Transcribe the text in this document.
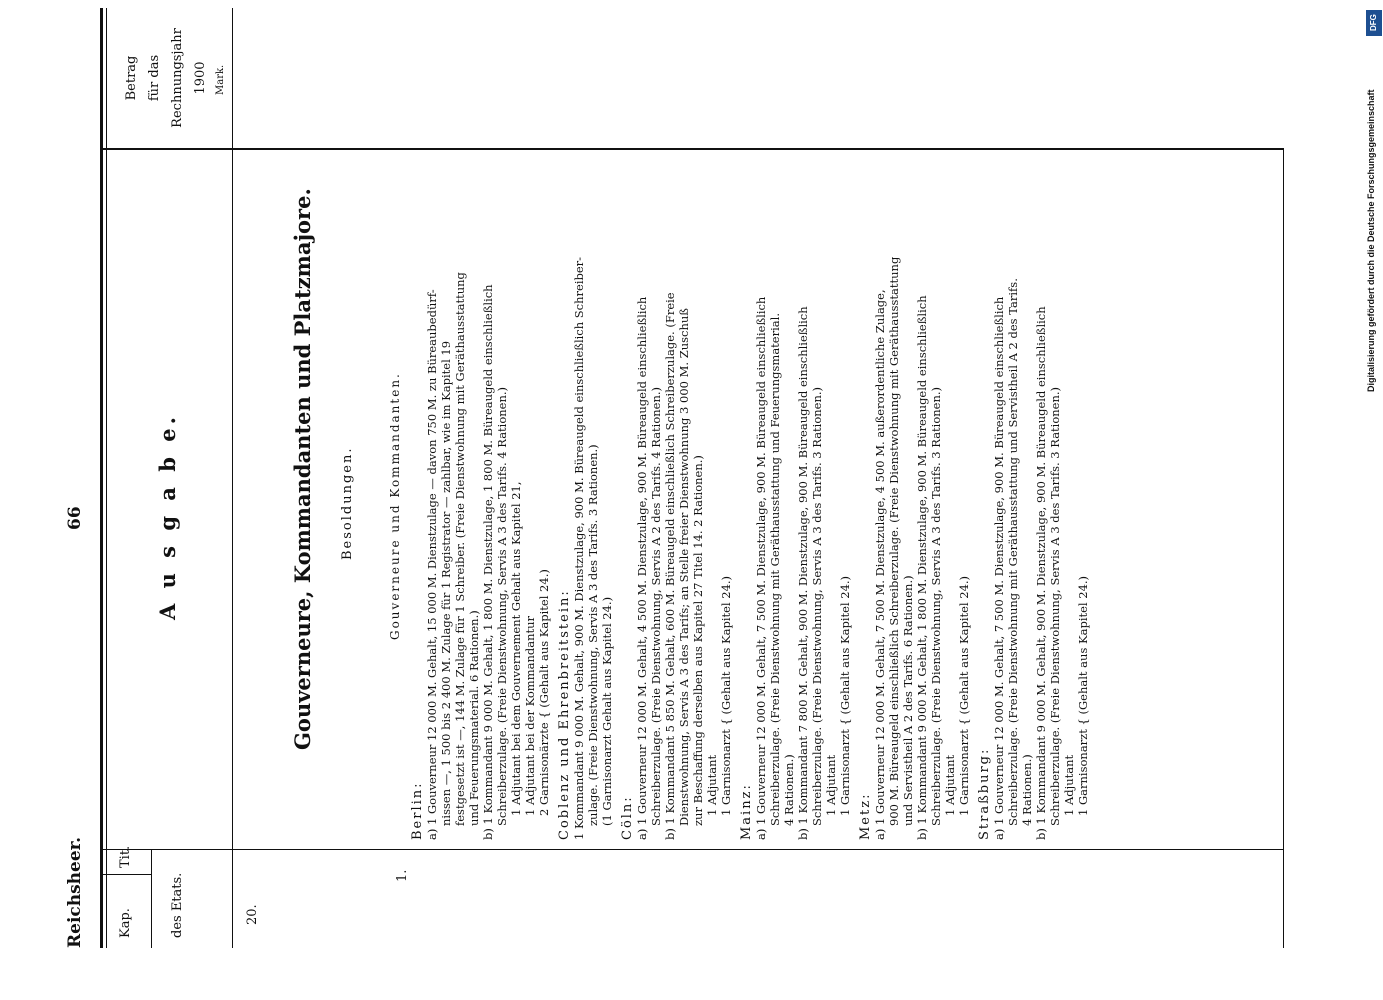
Reichsheer.
66
Kap.
Tit.
des Etats.
Betrag für das Rechnungsjahr 1900 Mark.
20.
1.
A u s g a b e.	Gouverneure, Kommandanten und Platzmajore. Besoldungen.	Gouverneure und Kommandanten.
Berlin: a) 1 Gouverneur 12 000 M. Gehalt, 15 000 M. Dienstzulage — davon 750 M. zu Büreaubedürf- nissen —, 1 500 bis 2 400 M. Zulage für 1 Registrator — zahlbar, wie im Kapitel 19 festgesetzt ist —, 144 M. Zulage für 1 Schreiber. (Freie Dienstwohnung mit Geräthausstattung und Feuerungsmaterial. 6 Rationen.) b) 1 Kommandant 9 000 M. Gehalt, 1 800 M. Dienstzulage, 1 800 M. Büreaugeld einschließlich Schreiberzulage. (Freie Dienstwohnung, Servis A 3 des Tarifs. 4 Rationen.) 1 Adjutant bei dem Gouvernement Gehalt aus Kapitel 21, 1 Adjutant bei der Kommandantur 2 Garnisonärzte { (Gehalt aus Kapitel 24.) Coblenz und Ehrenbreitstein: 1 Kommandant 9 000 M. Gehalt, 900 M. Dienstzulage, 900 M. Büreaugeld einschließlich Schreiber- zulage. (Freie Dienstwohnung, Servis A 3 des Tarifs. 3 Rationen.) (1 Garnisonarzt Gehalt aus Kapitel 24.) Cöln: a) 1 Gouverneur 12 000 M. Gehalt, 4 500 M. Dienstzulage, 900 M. Büreaugeld einschließlich Schreiberzulage. (Freie Dienstwohnung, Servis A 2 des Tarifs. 4 Rationen.) b) 1 Kommandant 5 850 M. Gehalt, 600 M. Büreaugeld einschließlich Schreiberzulage. (Freie Dienstwohnung, Servis A 3 des Tarifs; an Stelle freier Dienstwohnung 3 000 M. Zuschuß zur Beschaffung derselben aus Kapitel 27 Titel 14. 2 Rationen.) 1 Adjutant 1 Garnisonarzt { (Gehalt aus Kapitel 24.) Mainz: a) 1 Gouverneur 12 000 M. Gehalt, 7 500 M. Dienstzulage, 900 M. Büreaugeld einschließlich Schreiberzulage. (Freie Dienstwohnung mit Geräthausstattung und Feuerungsmaterial. 4 Rationen.) b) 1 Kommandant 7 800 M. Gehalt, 900 M. Dienstzulage, 900 M. Büreaugeld einschließlich Schreiberzulage. (Freie Dienstwohnung, Servis A 3 des Tarifs. 3 Rationen.) 1 Adjutant 1 Garnisonarzt { (Gehalt aus Kapitel 24.)
Metz: a) 1 Gouverneur 12 000 M. Gehalt, 7 500 M. Dienstzulage, 4 500 M. außerordentliche Zulage, 900 M. Büreaugeld einschließlich Schreiberzulage. (Freie Dienstwohnung mit Geräthausstattung und Servistheil A 2 des Tarifs. 6 Rationen.) b) 1 Kommandant 9 000 M. Gehalt, 1 800 M. Dienstzulage, 900 M. Büreaugeld einschließlich Schreiberzulage. (Freie Dienstwohnung, Servis A 3 des Tarifs. 3 Rationen.) 1 Adjutant 1 Garnisonarzt { (Gehalt aus Kapitel 24.) Straßburg: a) 1 Gouverneur 12 000 M. Gehalt, 7 500 M. Dienstzulage, 900 M. Büreaugeld einschließlich Schreiberzulage. (Freie Dienstwohnung mit Geräthausstattung und Servistheil A 2 des Tarifs. 4 Rationen.) b) 1 Kommandant 9 000 M. Gehalt, 900 M. Dienstzulage, 900 M. Büreaugeld einschließlich Schreiberzulage. (Freie Dienstwohnung, Servis A 3 des Tarifs. 3 Rationen.) 1 Adjutant 1 Garnisonarzt { (Gehalt aus Kapitel 24.)
DFG
Digitalisierung gefördert durch die Deutsche Forschungsgemeinschaft
